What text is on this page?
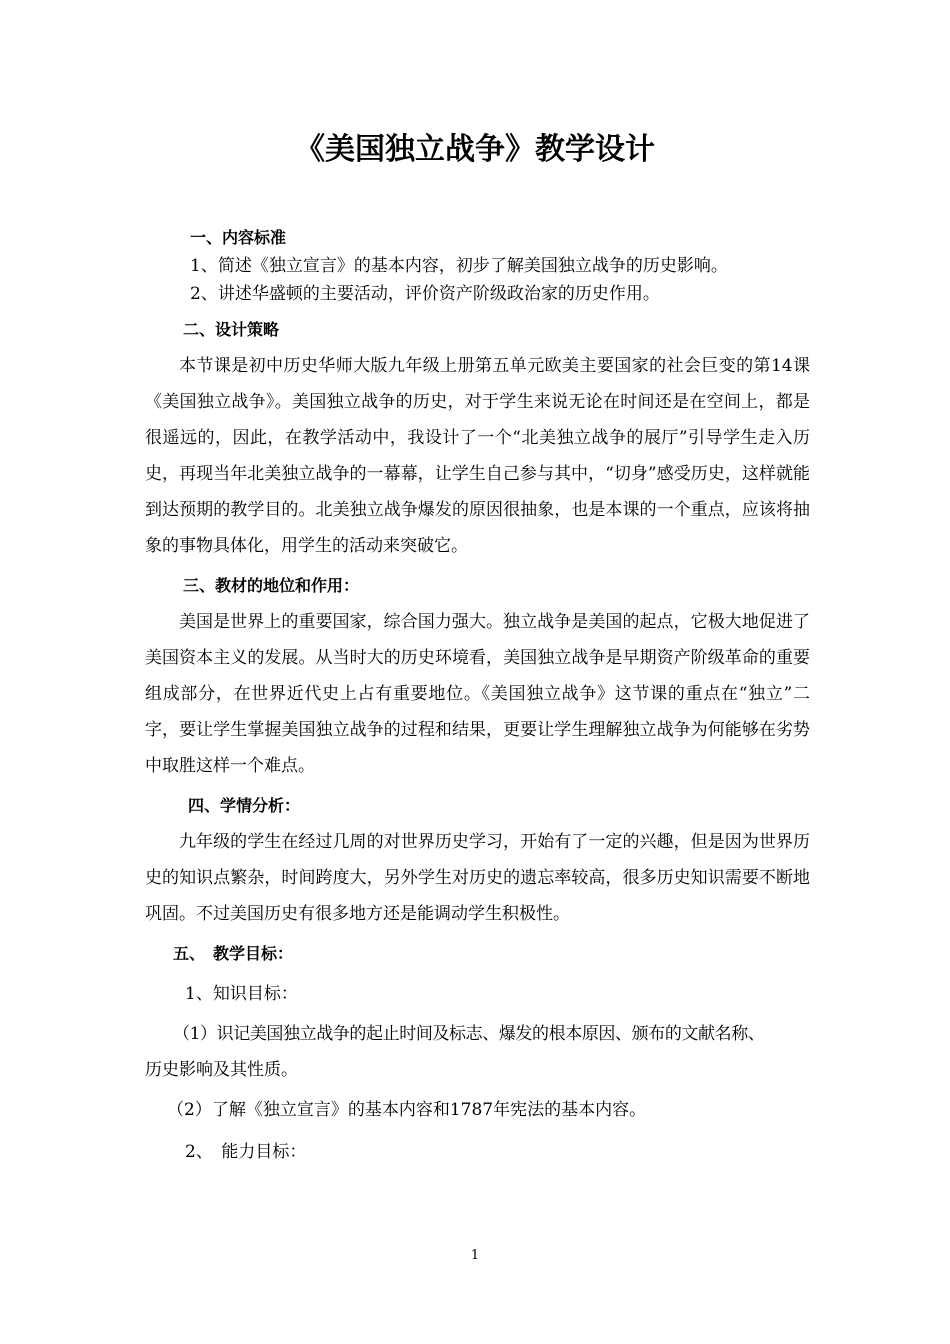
《美国独立战争》教学设计
一、内容标准
1、简述《独立宣言》的基本内容，初步了解美国独立战争的历史影响。
2、讲述华盛顿的主要活动，评价资产阶级政治家的历史作用。
二、设计策略
本节课是初中历史华师大版九年级上册第五单元欧美主要国家的社会巨变的第14课《美国独立战争》。美国独立战争的历史，对于学生来说无论在时间还是在空间上，都是很遥远的，因此，在教学活动中，我设计了一个“北美独立战争的展厅”引导学生走入历史，再现当年北美独立战争的一幕幕，让学生自己参与其中，“切身”感受历史，这样就能到达预期的教学目的。北美独立战争爆发的原因很抽象，也是本课的一个重点，应该将抽象的事物具体化，用学生的活动来突破它。
三、教材的地位和作用：
美国是世界上的重要国家，综合国力强大。独立战争是美国的起点，它极大地促进了美国资本主义的发展。从当时大的历史环境看，美国独立战争是早期资产阶级革命的重要组成部分，在世界近代史上占有重要地位。《美国独立战争》这节课的重点在“独立”二字，要让学生掌握美国独立战争的过程和结果，更要让学生理解独立战争为何能够在劣势中取胜这样一个难点。
四、学情分析：
九年级的学生在经过几周的对世界历史学习，开始有了一定的兴趣，但是因为世界历史的知识点繁杂，时间跨度大，另外学生对历史的遗忘率较高，很多历史知识需要不断地巩固。不过美国历史有很多地方还是能调动学生积极性。
五、　教学目标：
1、知识目标：
（1）识记美国独立战争的起止时间及标志、爆发的根本原因、颁布的文献名称、
历史影响及其性质。
（2）了解《独立宣言》的基本内容和1787年宪法的基本内容。
2、　能力目标：
1
